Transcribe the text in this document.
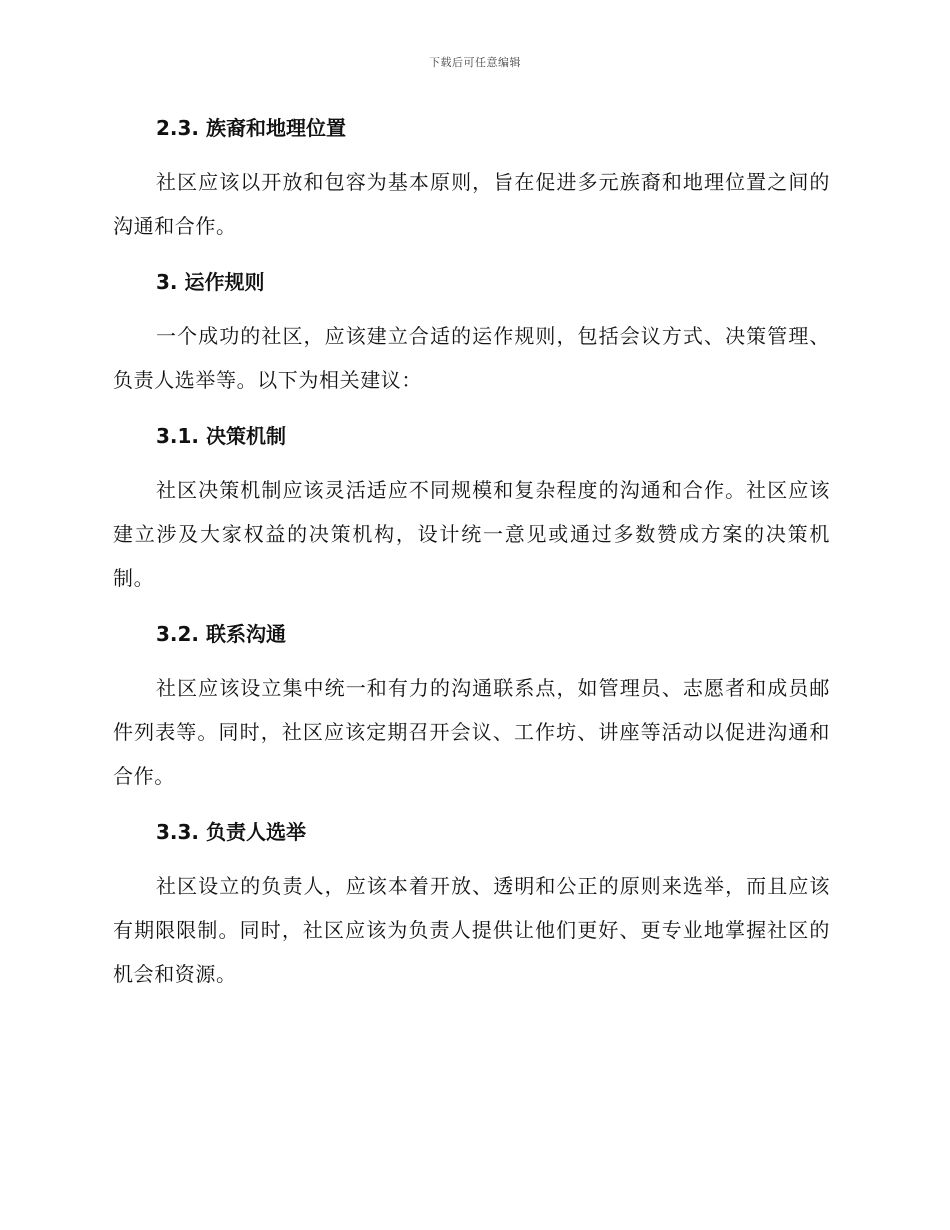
下载后可任意编辑
2.3. 族裔和地理位置

社区应该以开放和包容为基本原则，旨在促进多元族裔和地理位置之间的沟通和合作。

3. 运作规则

一个成功的社区，应该建立合适的运作规则，包括会议方式、决策管理、负责人选举等。以下为相关建议：

3.1. 决策机制

社区决策机制应该灵活适应不同规模和复杂程度的沟通和合作。社区应该建立涉及大家权益的决策机构，设计统一意见或通过多数赞成方案的决策机制。

3.2. 联系沟通

社区应该设立集中统一和有力的沟通联系点，如管理员、志愿者和成员邮件列表等。同时，社区应该定期召开会议、工作坊、讲座等活动以促进沟通和合作。

3.3. 负责人选举

社区设立的负责人，应该本着开放、透明和公正的原则来选举，而且应该有期限限制。同时，社区应该为负责人提供让他们更好、更专业地掌握社区的机会和资源。
